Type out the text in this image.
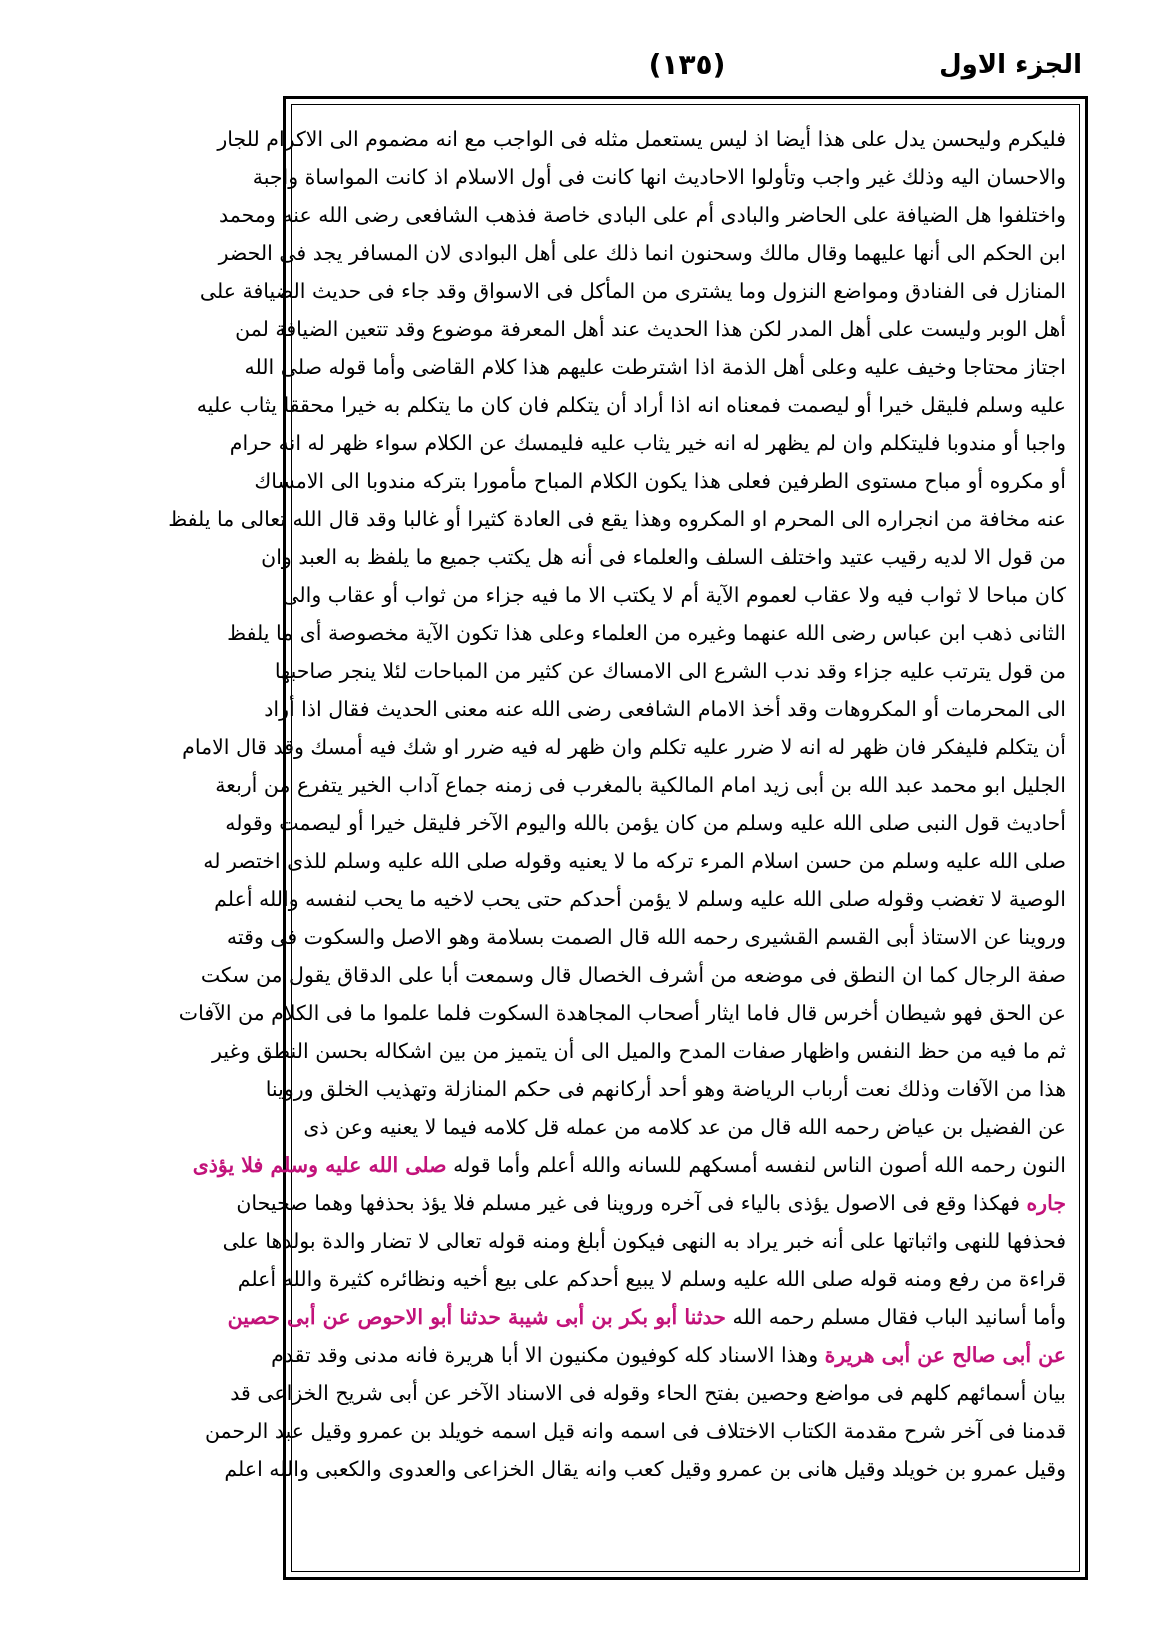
الجزء الاول
(١٣٥)
فليكرم وليحسن يدل على هذا أيضا اذ ليس يستعمل مثله فى الواجب مع انه مضموم الى الاكرام للجار
والاحسان اليه وذلك غير واجب وتأولوا الاحاديث انها كانت فى أول الاسلام اذ كانت المواساة واجبة
واختلفوا هل الضيافة على الحاضر والبادى أم على البادى خاصة فذهب الشافعى رضى الله عنه ومحمد
ابن الحكم الى أنها عليهما وقال مالك وسحنون انما ذلك على أهل البوادى لان المسافر يجد فى الحضر
المنازل فى الفنادق ومواضع النزول وما يشترى من المأكل فى الاسواق وقد جاء فى حديث الضيافة على
أهل الوبر وليست على أهل المدر لكن هذا الحديث عند أهل المعرفة موضوع وقد تتعين الضيافة لمن
اجتاز محتاجا وخيف عليه وعلى أهل الذمة اذا اشترطت عليهم هذا كلام القاضى وأما قوله صلى الله
عليه وسلم فليقل خيرا أو ليصمت فمعناه انه اذا أراد أن يتكلم فان كان ما يتكلم به خيرا محققا يثاب عليه
واجبا أو مندوبا فليتكلم وان لم يظهر له انه خير يثاب عليه فليمسك عن الكلام سواء ظهر له انه حرام
أو مكروه أو مباح مستوى الطرفين فعلى هذا يكون الكلام المباح مأمورا بتركه مندوبا الى الامساك
عنه مخافة من انجراره الى المحرم او المكروه وهذا يقع فى العادة كثيرا أو غالبا وقد قال الله تعالى ما يلفظ
من قول الا لديه رقيب عتيد واختلف السلف والعلماء فى أنه هل يكتب جميع ما يلفظ به العبد وان
كان مباحا لا ثواب فيه ولا عقاب لعموم الآية أم لا يكتب الا ما فيه جزاء من ثواب أو عقاب والى
الثانى ذهب ابن عباس رضى الله عنهما وغيره من العلماء وعلى هذا تكون الآية مخصوصة أى ما يلفظ
من قول يترتب عليه جزاء وقد ندب الشرع الى الامساك عن كثير من المباحات لئلا ينجر صاحبها
الى المحرمات أو المكروهات وقد أخذ الامام الشافعى رضى الله عنه معنى الحديث فقال اذا أراد
أن يتكلم فليفكر فان ظهر له انه لا ضرر عليه تكلم وان ظهر له فيه ضرر او شك فيه أمسك وقد قال الامام
الجليل ابو محمد عبد الله بن أبى زيد امام المالكية بالمغرب فى زمنه جماع آداب الخير يتفرع من أربعة
أحاديث قول النبى صلى الله عليه وسلم من كان يؤمن بالله واليوم الآخر فليقل خيرا أو ليصمت وقوله
صلى الله عليه وسلم من حسن اسلام المرء تركه ما لا يعنيه وقوله صلى الله عليه وسلم للذى اختصر له
الوصية لا تغضب وقوله صلى الله عليه وسلم لا يؤمن أحدكم حتى يحب لاخيه ما يحب لنفسه والله أعلم
وروينا عن الاستاذ أبى القسم القشيرى رحمه الله قال الصمت بسلامة وهو الاصل والسكوت فى وقته
صفة الرجال كما ان النطق فى موضعه من أشرف الخصال قال وسمعت أبا على الدقاق يقول من سكت
عن الحق فهو شيطان أخرس قال فاما ايثار أصحاب المجاهدة السكوت فلما علموا ما فى الكلام من الآفات
ثم ما فيه من حظ النفس واظهار صفات المدح والميل الى أن يتميز من بين اشكاله بحسن النطق وغير
هذا من الآفات وذلك نعت أرباب الرياضة وهو أحد أركانهم فى حكم المنازلة وتهذيب الخلق وروينا
عن الفضيل بن عياض رحمه الله قال من عد كلامه من عمله قل كلامه فيما لا يعنيه وعن ذى
النون رحمه الله أصون الناس لنفسه أمسكهم للسانه والله أعلم وأما قوله صلى الله عليه وسلم فلا يؤذى
جاره فهكذا وقع فى الاصول يؤذى بالياء فى آخره وروينا فى غير مسلم فلا يؤذ بحذفها وهما صحيحان
فحذفها للنهى واثباتها على أنه خبر يراد به النهى فيكون أبلغ ومنه قوله تعالى لا تضار والدة بولدها على
قراءة من رفع ومنه قوله صلى الله عليه وسلم لا يبيع أحدكم على بيع أخيه ونظائره كثيرة والله أعلم
وأما أسانيد الباب فقال مسلم رحمه الله حدثنا أبو بكر بن أبى شيبة حدثنا أبو الاحوص عن أبى حصين
عن أبى صالح عن أبى هريرة وهذا الاسناد كله كوفيون مكنيون الا أبا هريرة فانه مدنى وقد تقدم
بيان أسمائهم كلهم فى مواضع وحصين بفتح الحاء وقوله فى الاسناد الآخر عن أبى شريح الخزاعى قد
قدمنا فى آخر شرح مقدمة الكتاب الاختلاف فى اسمه وانه قيل اسمه خويلد بن عمرو وقيل عبد الرحمن
وقيل عمرو بن خويلد وقيل هانى بن عمرو وقيل كعب وانه يقال الخزاعى والعدوى والكعبى والله اعلم
